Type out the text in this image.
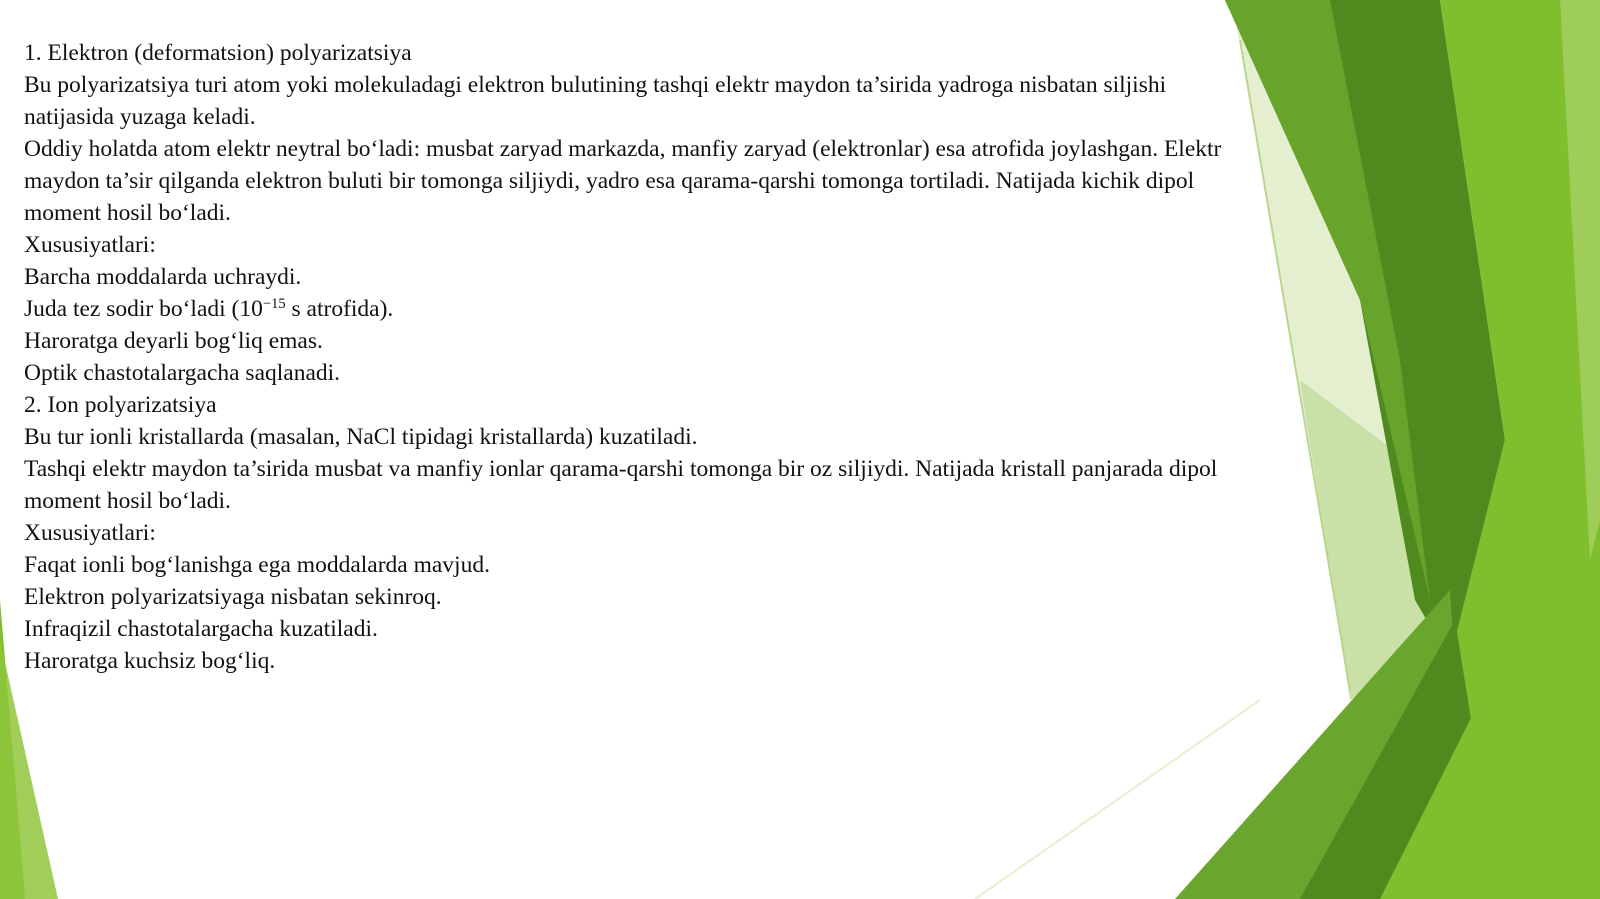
1. Elektron (deformatsion) polyarizatsiya

Bu polyarizatsiya turi atom yoki molekuladagi elektron bulutining tashqi elektr maydon ta’sirida yadroga nisbatan siljishi natijasida yuzaga keladi.

Oddiy holatda atom elektr neytral bo‘ladi: musbat zaryad markazda, manfiy zaryad (elektronlar) esa atrofida joylashgan. Elektr maydon ta’sir qilganda elektron buluti bir tomonga siljiydi, yadro esa qarama-qarshi tomonga tortiladi. Natijada kichik dipol moment hosil bo‘ladi.

Xususiyatlari:

Barcha moddalarda uchraydi.

Juda tez sodir bo‘ladi ($10^{-15}$ s atrofida).

Haroratga deyarli bog‘liq emas.

Optik chastotalargacha saqlanadi.

2. Ion polyarizatsiya

Bu tur ionli kristallarda (masalan, NaCl tipidagi kristallarda) kuzatiladi.

Tashqi elektr maydon ta’sirida musbat va manfiy ionlar qarama-qarshi tomonga bir oz siljiydi. Natijada kristall panjarada dipol moment hosil bo‘ladi.

Xususiyatlari:

Faqat ionli bog‘lanishga ega moddalarda mavjud.

Elektron polyarizatsiyaga nisbatan sekinroq.

Infraqizil chastotalargacha kuzatiladi.

Haroratga kuchsiz bog‘liq.
